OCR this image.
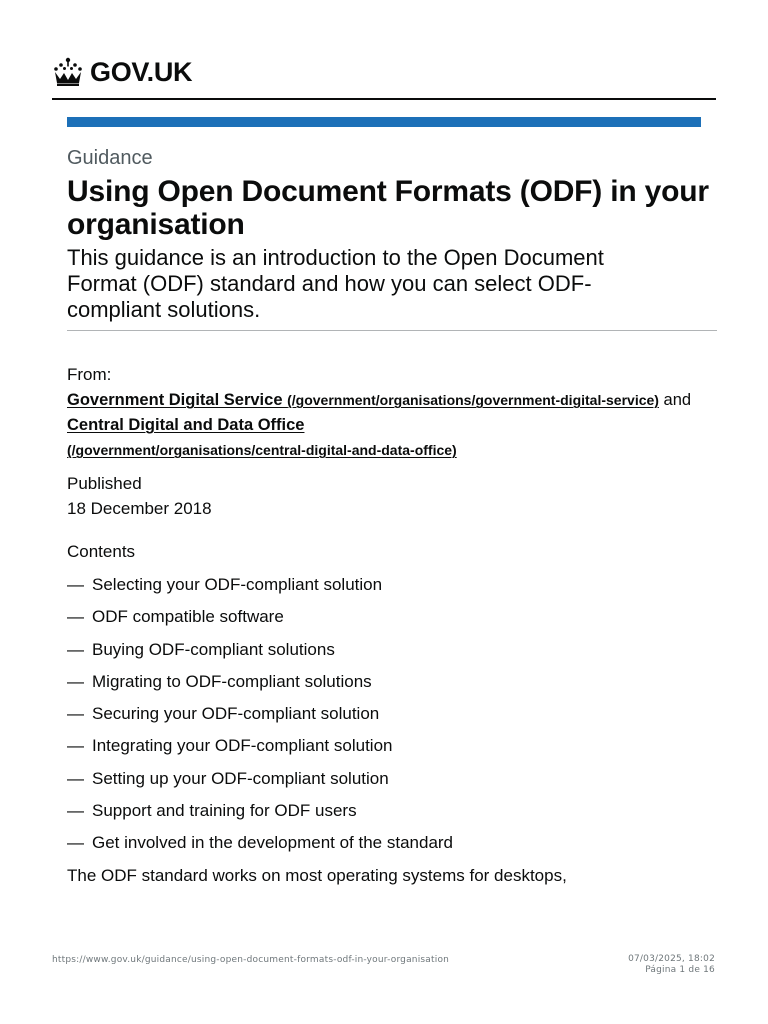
GOV.UK

Guidance

Using Open Document Formats (ODF) in your organisation

This guidance is an introduction to the Open Document Format (ODF) standard and how you can select ODF-compliant solutions.

From:

Government Digital Service (/government/organisations/government-digital-service) and Central Digital and Data Office
(/government/organisations/central-digital-and-data-office)

Published

18 December 2018

Contents

— Selecting your ODF-compliant solution
— ODF compatible software
— Buying ODF-compliant solutions
— Migrating to ODF-compliant solutions
— Securing your ODF-compliant solution
— Integrating your ODF-compliant solution
— Setting up your ODF-compliant solution
— Support and training for ODF users
— Get involved in the development of the standard

The ODF standard works on most operating systems for desktops,

https://www.gov.uk/guidance/using-open-document-formats-odf-in-your-organisation	07/03/2025, 18:02
Página 1 de 16
